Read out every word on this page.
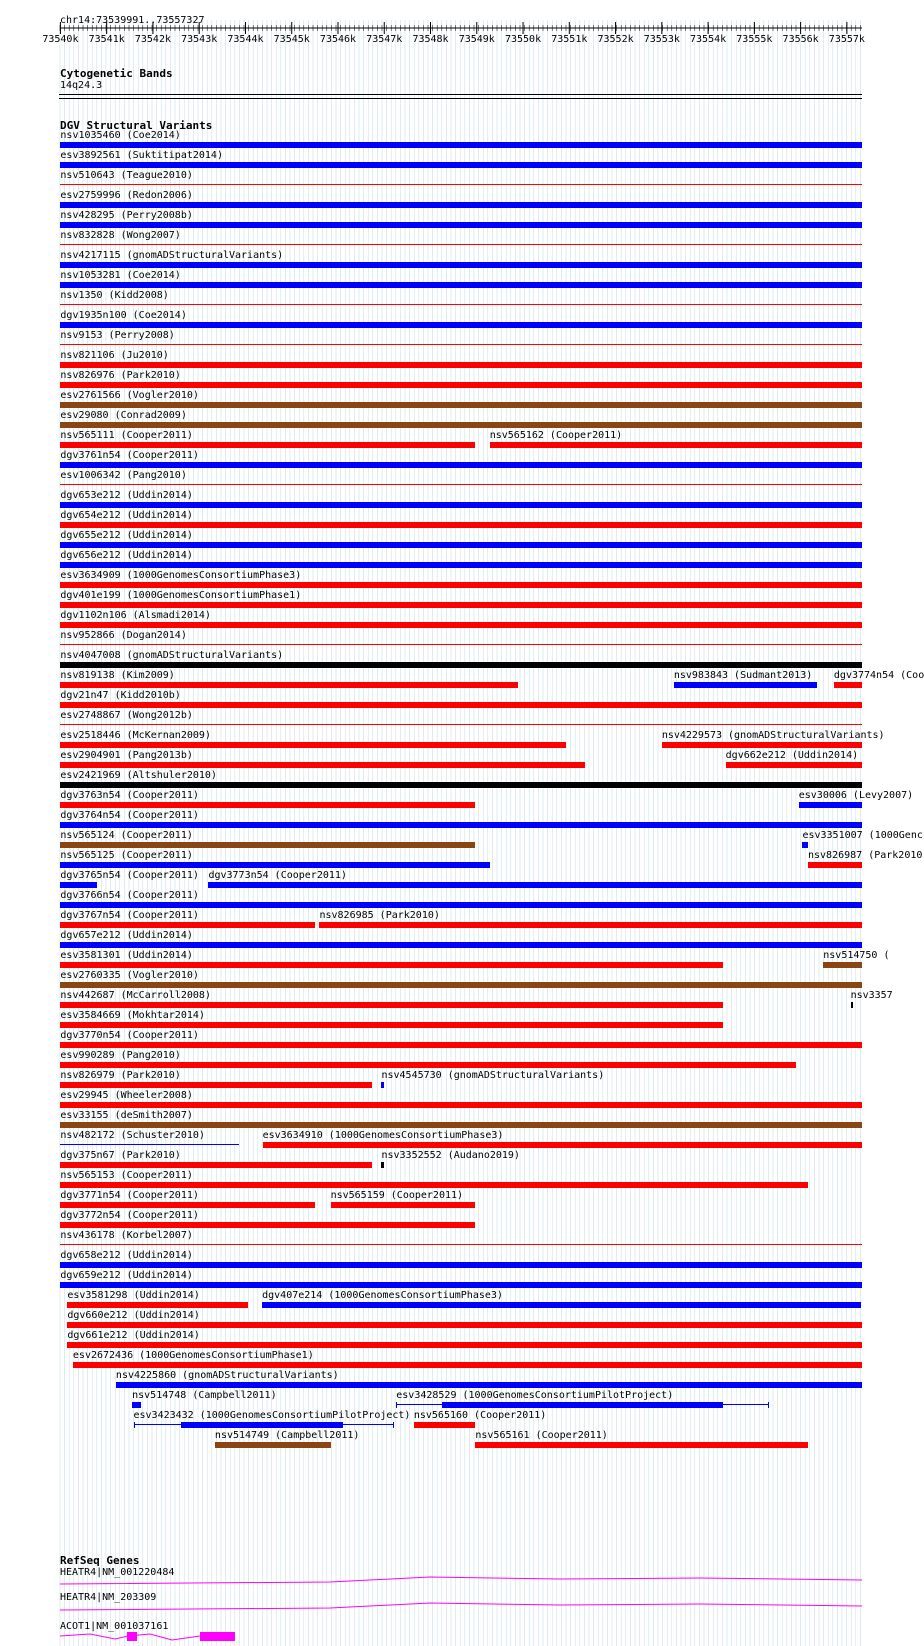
chr14:73539991..73557327
73540k 73541k 73542k 73543k 73544k 73545k 73546k 73547k 73548k 73549k 73550k 73551k 73552k 73553k 73554k 73555k 73556k 73557k
Cytogenetic Bands
14q24.3
DGV Structural Variants
nsv1035460 (Coe2014)
esv3892561 (Suktitipat2014)
nsv510643 (Teague2010)
esv2759996 (Redon2006)
nsv428295 (Perry2008b)
nsv832828 (Wong2007)
nsv4217115 (gnomADStructuralVariants)
nsv1053281 (Coe2014)
nsv1350 (Kidd2008)
dgv1935n100 (Coe2014)
nsv9153 (Perry2008)
nsv821106 (Ju2010)
nsv826976 (Park2010)
esv2761566 (Vogler2010)
esv29080 (Conrad2009)
nsv565111 (Cooper2011)	nsv565162 (Cooper2011)
dgv3761n54 (Cooper2011)
esv1006342 (Pang2010)
dgv653e212 (Uddin2014)
dgv654e212 (Uddin2014)
dgv655e212 (Uddin2014)
dgv656e212 (Uddin2014)
esv3634909 (1000GenomesConsortiumPhase3)
dgv401e199 (1000GenomesConsortiumPhase1)
dgv1102n106 (Alsmadi2014)
nsv952866 (Dogan2014)
nsv4047008 (gnomADStructuralVariants)
nsv819138 (Kim2009)	nsv983843 (Sudmant2013) dgv3774n54 (Coo
dgv21n47 (Kidd2010b)
esv2748867 (Wong2012b)
esv2518446 (McKernan2009)	nsv4229573 (gnomADStructuralVariants)
esv2904901 (Pang2013b)	dgv662e212 (Uddin2014)
esv2421969 (Altshuler2010)
dgv3763n54 (Cooper2011)	esv30006 (Levy2007)
dgv3764n54 (Cooper2011)
nsv565124 (Cooper2011)	esv3351007 (1000Genc
nsv565125 (Cooper2011)	nsv826987 (Park2010
dgv3765n54 (Cooper2011) dgv3773n54 (Cooper2011)
dgv3766n54 (Cooper2011)
dgv3767n54 (Cooper2011)	nsv826985 (Park2010)
dgv657e212 (Uddin2014)
esv3581301 (Uddin2014)	nsv514750 (
esv2760335 (Vogler2010)
nsv442687 (McCarroll2008)	nsv3357
esv3584669 (Mokhtar2014)
dgv3770n54 (Cooper2011)
esv990289 (Pang2010)
nsv826979 (Park2010)	nsv4545730 (gnomADStructuralVariants)
esv29945 (Wheeler2008)
esv33155 (deSmith2007)
nsv482172 (Schuster2010)	esv3634910 (1000GenomesConsortiumPhase3)
dgv375n67 (Park2010)	nsv3352552 (Audano2019)
nsv565153 (Cooper2011)
dgv3771n54 (Cooper2011)	nsv565159 (Cooper2011)
dgv3772n54 (Cooper2011)
nsv436178 (Korbel2007)
dgv658e212 (Uddin2014)
dgv659e212 (Uddin2014)
esv3581298 (Uddin2014)	dgv407e214 (1000GenomesConsortiumPhase3)
dgv660e212 (Uddin2014)
dgv661e212 (Uddin2014)
esv2672436 (1000GenomesConsortiumPhase1)
nsv4225860 (gnomADStructuralVariants)
nsv514748 (Campbell2011)	esv3428529 (1000GenomesConsortiumPilotProject)
esv3423432 (1000GenomesConsortiumPilotProject) nsv565160 (Cooper2011)
nsv514749 (Campbell2011)	nsv565161 (Cooper2011)
RefSeq Genes
HEATR4|NM_001220484
HEATR4|NM_203309
ACOT1|NM_001037161
